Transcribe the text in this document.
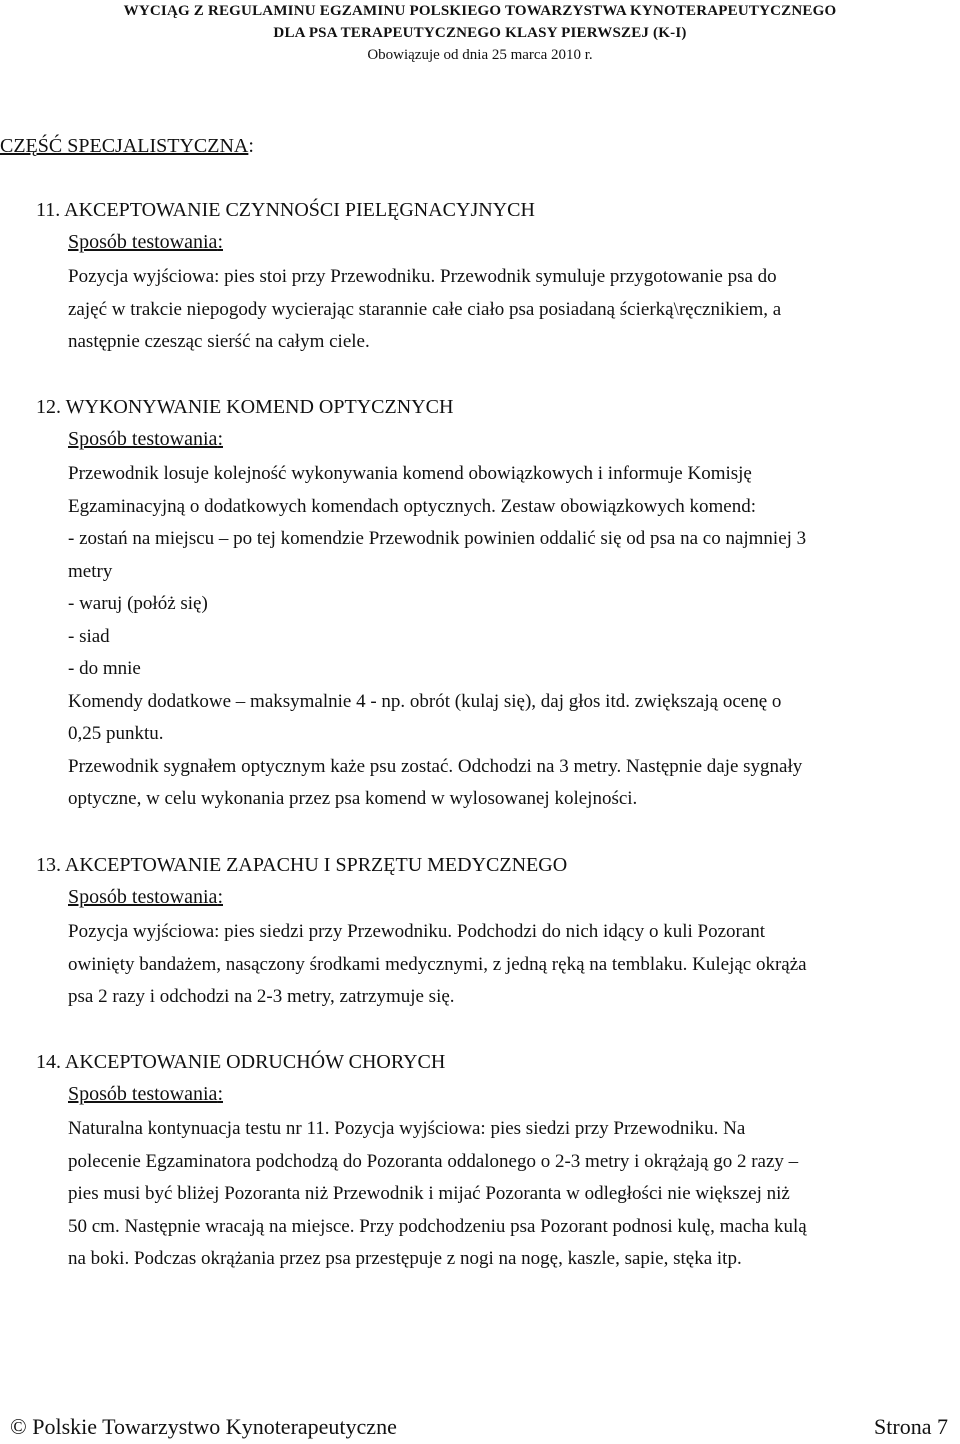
WYCIĄG Z REGULAMINU EGZAMINU POLSKIEGO TOWARZYSTWA KYNOTERAPEUTYCZNEGO
DLA PSA TERAPEUTYCZNEGO KLASY PIERWSZEJ (K-I)
Obowiązuje od dnia 25 marca 2010 r.
CZĘŚĆ SPECJALISTYCZNA:
11. AKCEPTOWANIE CZYNNOŚCI PIELĘGNACYJNYCH
Sposób testowania:
Pozycja wyjściowa: pies stoi przy Przewodniku. Przewodnik symuluje przygotowanie psa do
zajęć w trakcie niepogody wycierając starannie całe ciało psa posiadaną ścierką\ręcznikiem, a
następnie czesząc sierść na całym ciele.
12. WYKONYWANIE KOMEND OPTYCZNYCH
Sposób testowania:
Przewodnik losuje kolejność wykonywania komend obowiązkowych i informuje Komisję
Egzaminacyjną o dodatkowych komendach optycznych. Zestaw obowiązkowych komend:
- zostań na miejscu – po tej komendzie Przewodnik powinien oddalić się od psa na co najmniej 3
metry
- waruj (połóż się)
- siad
- do mnie
Komendy dodatkowe – maksymalnie 4 - np. obrót (kulaj się), daj głos itd. zwiększają ocenę o
0,25 punktu.
Przewodnik sygnałem optycznym każe psu zostać. Odchodzi na 3 metry. Następnie daje sygnały
optyczne, w celu wykonania przez psa komend w wylosowanej kolejności.
13. AKCEPTOWANIE ZAPACHU I SPRZĘTU MEDYCZNEGO
Sposób testowania:
Pozycja wyjściowa: pies siedzi przy Przewodniku. Podchodzi do nich idący o kuli Pozorant
owinięty bandażem, nasączony środkami medycznymi, z jedną ręką na temblaku. Kulejąc okrąża
psa 2 razy i odchodzi na 2-3 metry, zatrzymuje się.
14. AKCEPTOWANIE ODRUCHÓW CHORYCH
Sposób testowania:
Naturalna kontynuacja testu nr 11. Pozycja wyjściowa: pies siedzi przy Przewodniku. Na
polecenie Egzaminatora podchodzą do Pozoranta oddalonego o 2-3 metry i okrążają go 2 razy –
pies musi być bliżej Pozoranta niż Przewodnik i mijać Pozoranta w odległości nie większej niż
50 cm. Następnie wracają na miejsce. Przy podchodzeniu psa Pozorant podnosi kulę, macha kulą
na boki. Podczas okrążania przez psa przestępuje z nogi na nogę, kaszle, sapie, stęka itp.
© Polskie Towarzystwo Kynoterapeutyczne	Strona 7
